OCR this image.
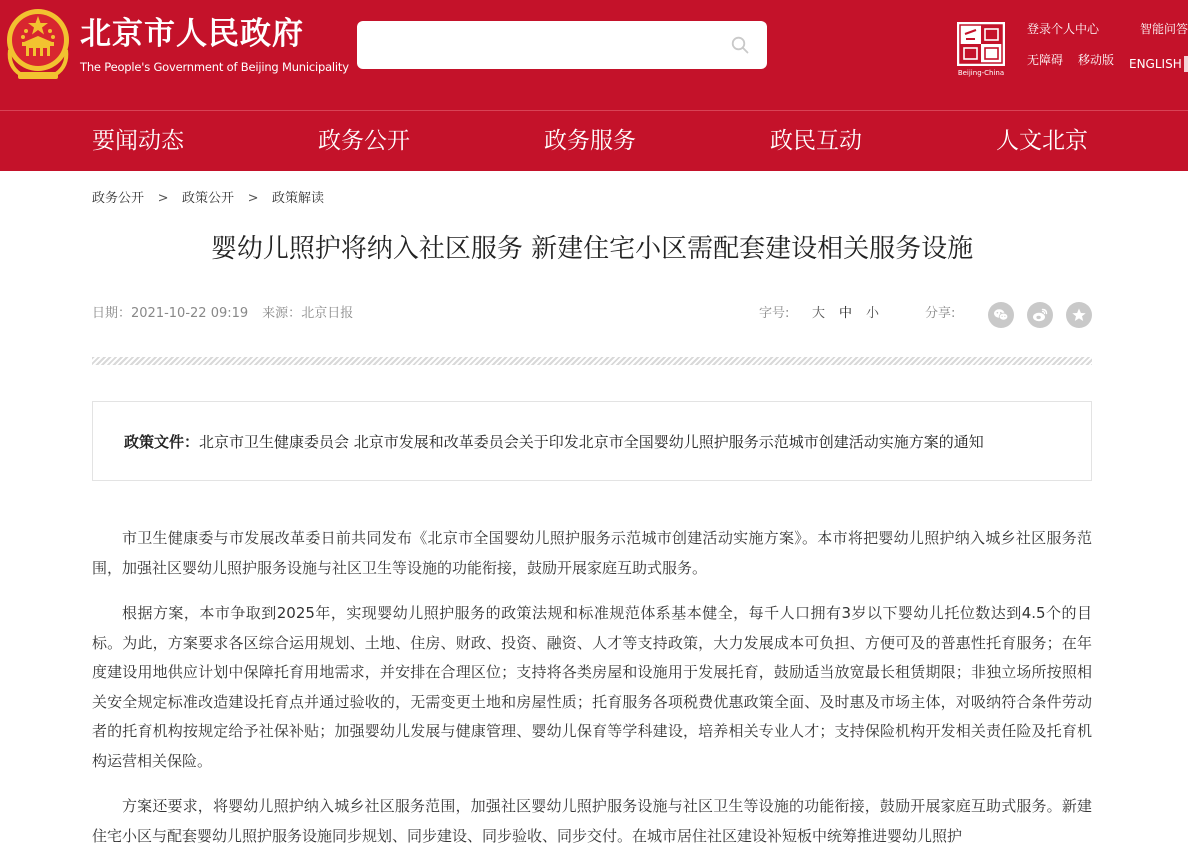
北京市人民政府
The People's Government of Beijing Municipality	Beijing-China
登录个人中心	智能问答
无障碍 移动版 ENGLISH
要闻动态	政务公开	政务服务	政民互动	人文北京
政务公开 > 政策公开 > 政策解读
婴幼儿照护将纳入社区服务 新建住宅小区需配套建设相关服务设施
日期：2021-10-22 09:19 来源：北京日报	字号: 大 中 小	分享:
政策文件：北京市卫生健康委员会 北京市发展和改革委员会关于印发北京市全国婴幼儿照护服务示范城市创建活动实施方案的通知

市卫生健康委与市发展改革委日前共同发布《北京市全国婴幼儿照护服务示范城市创建活动实施方案》。本市将把婴幼儿照护纳入城乡社区服务范围，加强社区婴幼儿照护服务设施与社区卫生等设施的功能衔接，鼓励开展家庭互助式服务。

根据方案，本市争取到2025年，实现婴幼儿照护服务的政策法规和标准规范体系基本健全，每千人口拥有3岁以下婴幼儿托位数达到4.5个的目标。为此，方案要求各区综合运用规划、土地、住房、财政、投资、融资、人才等支持政策，大力发展成本可负担、方便可及的普惠性托育服务；在年度建设用地供应计划中保障托育用地需求，并安排在合理区位；支持将各类房屋和设施用于发展托育，鼓励适当放宽最长租赁期限；非独立场所按照相关安全规定标准改造建设托育点并通过验收的，无需变更土地和房屋性质；托育服务各项税费优惠政策全面、及时惠及市场主体，对吸纳符合条件劳动者的托育机构按规定给予社保补贴；加强婴幼儿发展与健康管理、婴幼儿保育等学科建设，培养相关专业人才；支持保险机构开发相关责任险及托育机构运营相关保险。

方案还要求，将婴幼儿照护纳入城乡社区服务范围，加强社区婴幼儿照护服务设施与社区卫生等设施的功能衔接，鼓励开展家庭互助式服务。新建住宅小区与配套婴幼儿照护服务设施同步规划、同步建设、同步验收、同步交付。在城市居住社区建设补短板中统筹推进婴幼儿照护
